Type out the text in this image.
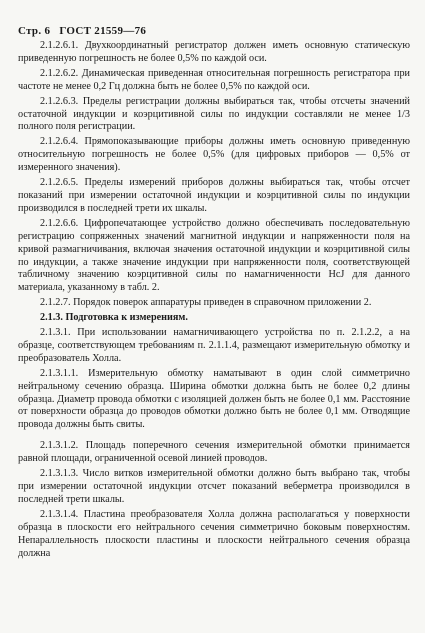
Стр. 6 ГОСТ 21559—76

2.1.2.6.1. Двухкоординатный регистратор должен иметь основную статическую приведенную погрешность не более 0,5% по каждой оси.

2.1.2.6.2. Динамическая приведенная относительная погрешность регистратора при частоте не менее 0,2 Гц должна быть не более 0,5% по каждой оси.

2.1.2.6.3. Пределы регистрации должны выбираться так, чтобы отсчеты значений остаточной индукции и коэрцитивной силы по индукции составляли не менее 1/3 полного поля регистрации.

2.1.2.6.4. Прямопоказывающие приборы должны иметь основную приведенную относительную погрешность не более 0,5% (для цифровых приборов — 0,5% от измеренного значения).

2.1.2.6.5. Пределы измерений приборов должны выбираться так, чтобы отсчет показаний при измерении остаточной индукции и коэрцитивной силы по индукции производился в последней трети их шкалы.

2.1.2.6.6. Цифропечатающее устройство должно обеспечивать последовательную регистрацию сопряженных значений магнитной индукции и напряженности поля на кривой размагничивания, включая значения остаточной индукции и коэрцитивной силы по индукции, а также значение индукции при напряженности поля, соответствующей табличному значению коэрцитивной силы по намагниченности HcJ для данного материала, указанному в табл. 2.

2.1.2.7. Порядок поверок аппаратуры приведен в справочном приложении 2.

2.1.3. Подготовка к измерениям.

2.1.3.1. При использовании намагничивающего устройства по п. 2.1.2.2, а на образце, соответствующем требованиям п. 2.1.1.4, размещают измерительную обмотку и преобразователь Холла.

2.1.3.1.1. Измерительную обмотку наматывают в один слой симметрично нейтральному сечению образца. Ширина обмотки должна быть не более 0,2 длины образца. Диаметр провода обмотки с изоляцией должен быть не более 0,1 мм. Расстояние от поверхности образца до проводов обмотки должно быть не более 0,1 мм. Отводящие провода должны быть свиты.

2.1.3.1.2. Площадь поперечного сечения измерительной обмотки принимается равной площади, ограниченной осевой линией проводов.

2.1.3.1.3. Число витков измерительной обмотки должно быть выбрано так, чтобы при измерении остаточной индукции отсчет показаний веберметра производился в последней трети шкалы.

2.1.3.1.4. Пластина преобразователя Холла должна располагаться у поверхности образца в плоскости его нейтрального сечения симметрично боковым поверхностям. Непараллельность плоскости пластины и плоскости нейтрального сечения образца должна
